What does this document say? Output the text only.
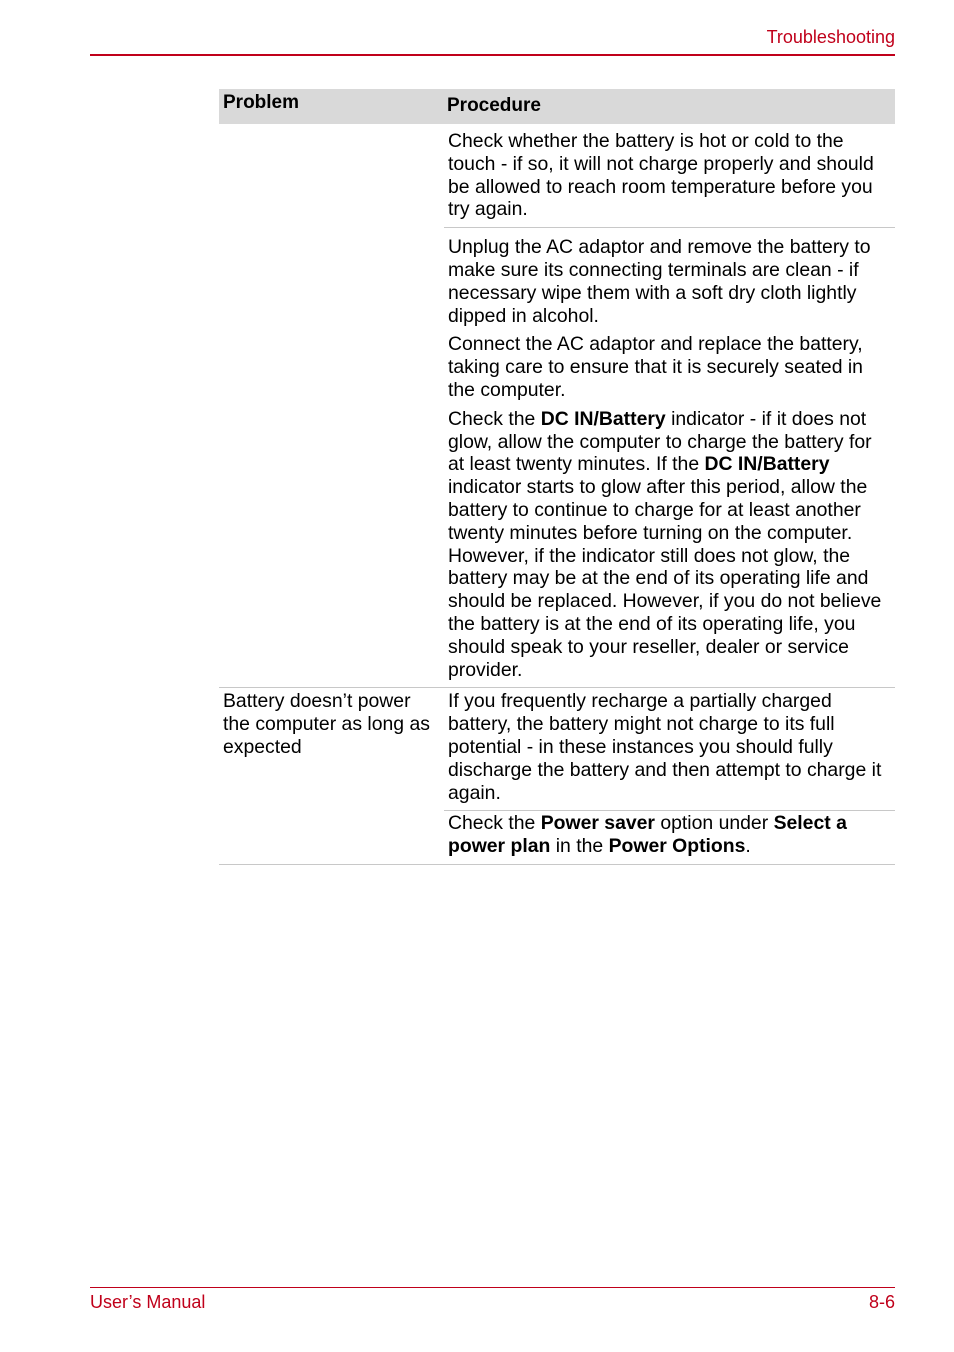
Troubleshooting
Problem	Procedure
Check whether the battery is hot or cold to the touch - if so, it will not charge properly and should be allowed to reach room temperature before you try again.
Unplug the AC adaptor and remove the battery to make sure its connecting terminals are clean - if necessary wipe them with a soft dry cloth lightly dipped in alcohol.
Connect the AC adaptor and replace the battery, taking care to ensure that it is securely seated in the computer.
Check the DC IN/Battery indicator - if it does not glow, allow the computer to charge the battery for at least twenty minutes. If the DC IN/Battery indicator starts to glow after this period, allow the battery to continue to charge for at least another twenty minutes before turning on the computer. However, if the indicator still does not glow, the battery may be at the end of its operating life and should be replaced. However, if you do not believe the battery is at the end of its operating life, you should speak to your reseller, dealer or service provider.
Battery doesn’t power the computer as long as expected
If you frequently recharge a partially charged battery, the battery might not charge to its full potential - in these instances you should fully discharge the battery and then attempt to charge it again.
Check the Power saver option under Select a power plan in the Power Options.
User’s Manual	8-6
